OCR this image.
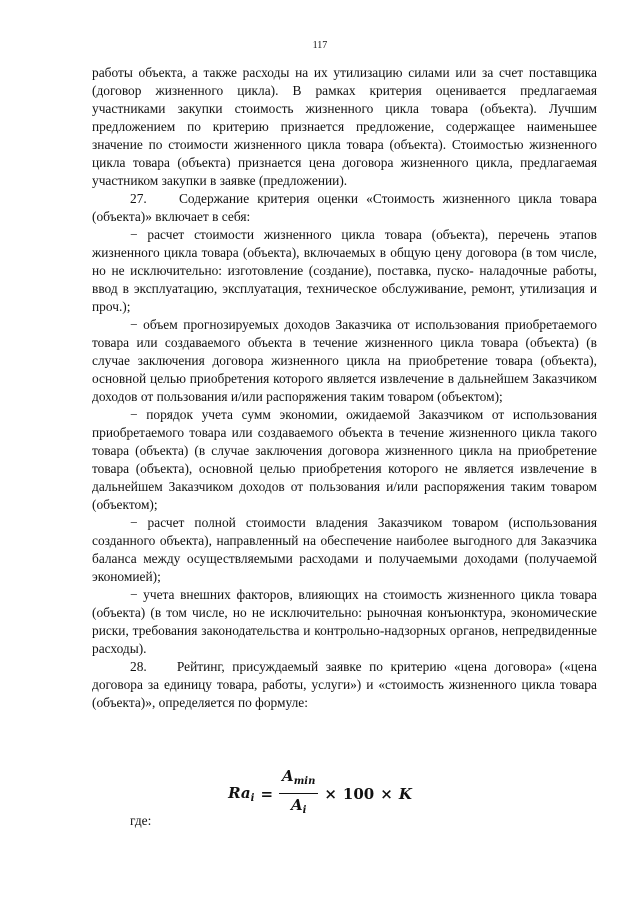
117

работы объекта, а также расходы на их утилизацию силами или за счет поставщика (договор жизненного цикла). В рамках критерия оценивается предлагаемая участниками закупки стоимость жизненного цикла товара (объекта). Лучшим предложением по критерию признается предложение, содержащее наименьшее значение по стоимости жизненного цикла товара (объекта). Стоимостью жизненного цикла товара (объекта) признается цена договора жизненного цикла, предлагаемая участником закупки в заявке (предложении).

27.    Содержание критерия оценки «Стоимость жизненного цикла товара (объекта)» включает в себя:

− расчет стоимости жизненного цикла товара (объекта), перечень этапов жизненного цикла товара (объекта), включаемых в общую цену договора (в том числе, но не исключительно: изготовление (создание), поставка, пуско- наладочные работы, ввод в эксплуатацию, эксплуатация, техническое обслуживание, ремонт, утилизация и проч.);

− объем прогнозируемых доходов Заказчика от использования приобретаемого товара или создаваемого объекта в течение жизненного цикла товара (объекта) (в случае заключения договора жизненного цикла на приобретение товара (объекта), основной целью приобретения которого является извлечение в дальнейшем Заказчиком доходов от пользования и/или распоряжения таким товаром (объектом);

− порядок учета сумм экономии, ожидаемой Заказчиком от использования приобретаемого товара или создаваемого объекта в течение жизненного цикла такого товара (объекта) (в случае заключения договора жизненного цикла на приобретение товара (объекта), основной целью приобретения которого не является извлечение в дальнейшем Заказчиком доходов от пользования и/или распоряжения таким товаром (объектом);

− расчет полной стоимости владения Заказчиком товаром (использования созданного объекта), направленный на обеспечение наиболее выгодного для Заказчика баланса между осуществляемыми расходами и получаемыми доходами (получаемой экономией);

− учета внешних факторов, влияющих на стоимость жизненного цикла товара (объекта) (в том числе, но не исключительно: рыночная конъюнктура, экономические риски, требования законодательства и контрольно-надзорных органов, непредвиденные расходы).

28.    Рейтинг, присуждаемый заявке по критерию «цена договора» («цена договора за единицу товара, работы, услуги») и «стоимость жизненного цикла товара (объекта)», определяется по формуле:

$Ra_i = \frac{A_{min}}{A_i} \times 100 \times K$
где:
